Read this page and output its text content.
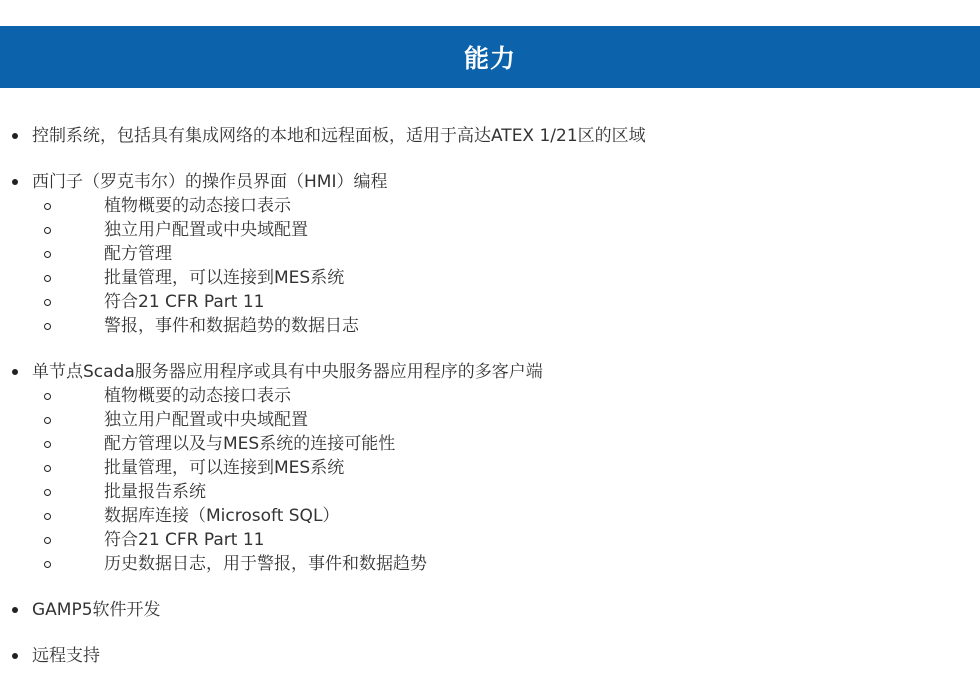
能力
控制系统，包括具有集成网络的本地和远程面板，适用于高达ATEX 1/21区的区域
西门子（罗克韦尔）的操作员界面（HMI）编程
植物概要的动态接口表示
独立用户配置或中央域配置
配方管理
批量管理，可以连接到MES系统
符合21 CFR Part 11
警报，事件和数据趋势的数据日志
单节点Scada服务器应用程序或具有中央服务器应用程序的多客户端
植物概要的动态接口表示
独立用户配置或中央域配置
配方管理以及与MES系统的连接可能性
批量管理，可以连接到MES系统
批量报告系统
数据库连接（Microsoft SQL）
符合21 CFR Part 11
历史数据日志，用于警报，事件和数据趋势
GAMP5软件开发
远程支持
